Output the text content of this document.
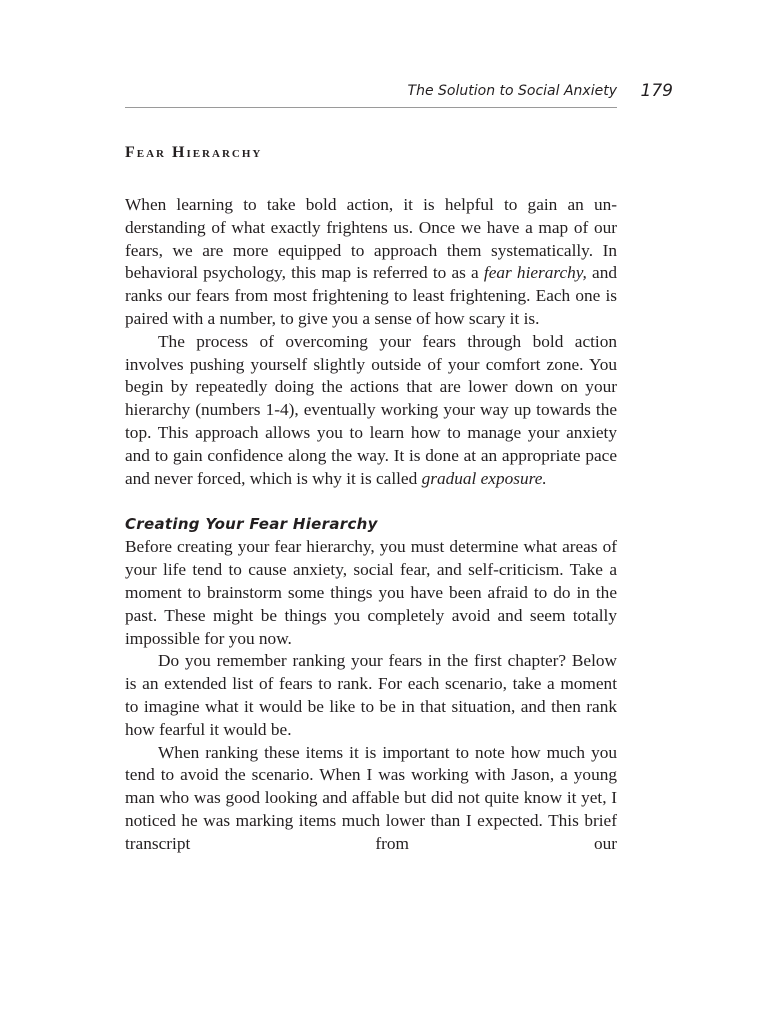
The Solution to Social Anxiety 179
Fear Hierarchy

When learning to take bold action, it is helpful to gain an understanding of what exactly frightens us. Once we have a map of our fears, we are more equipped to approach them systematically. In behavioral psychology, this map is referred to as a fear hierarchy, and ranks our fears from most frightening to least frightening. Each one is paired with a number, to give you a sense of how scary it is.

The process of overcoming your fears through bold action involves pushing yourself slightly outside of your comfort zone. You begin by repeatedly doing the actions that are lower down on your hierarchy (numbers 1-4), eventually working your way up towards the top. This approach allows you to learn how to manage your anxiety and to gain confidence along the way. It is done at an appropriate pace and never forced, which is why it is called gradual exposure.

Creating Your Fear Hierarchy

Before creating your fear hierarchy, you must determine what areas of your life tend to cause anxiety, social fear, and self-criticism. Take a moment to brainstorm some things you have been afraid to do in the past. These might be things you completely avoid and seem totally impossible for you now.

Do you remember ranking your fears in the first chapter? Below is an extended list of fears to rank. For each scenario, take a moment to imagine what it would be like to be in that situation, and then rank how fearful it would be.

When ranking these items it is important to note how much you tend to avoid the scenario. When I was working with Jason, a young man who was good looking and affable but did not quite know it yet, I noticed he was marking items much lower than I expected. This brief transcript from our
